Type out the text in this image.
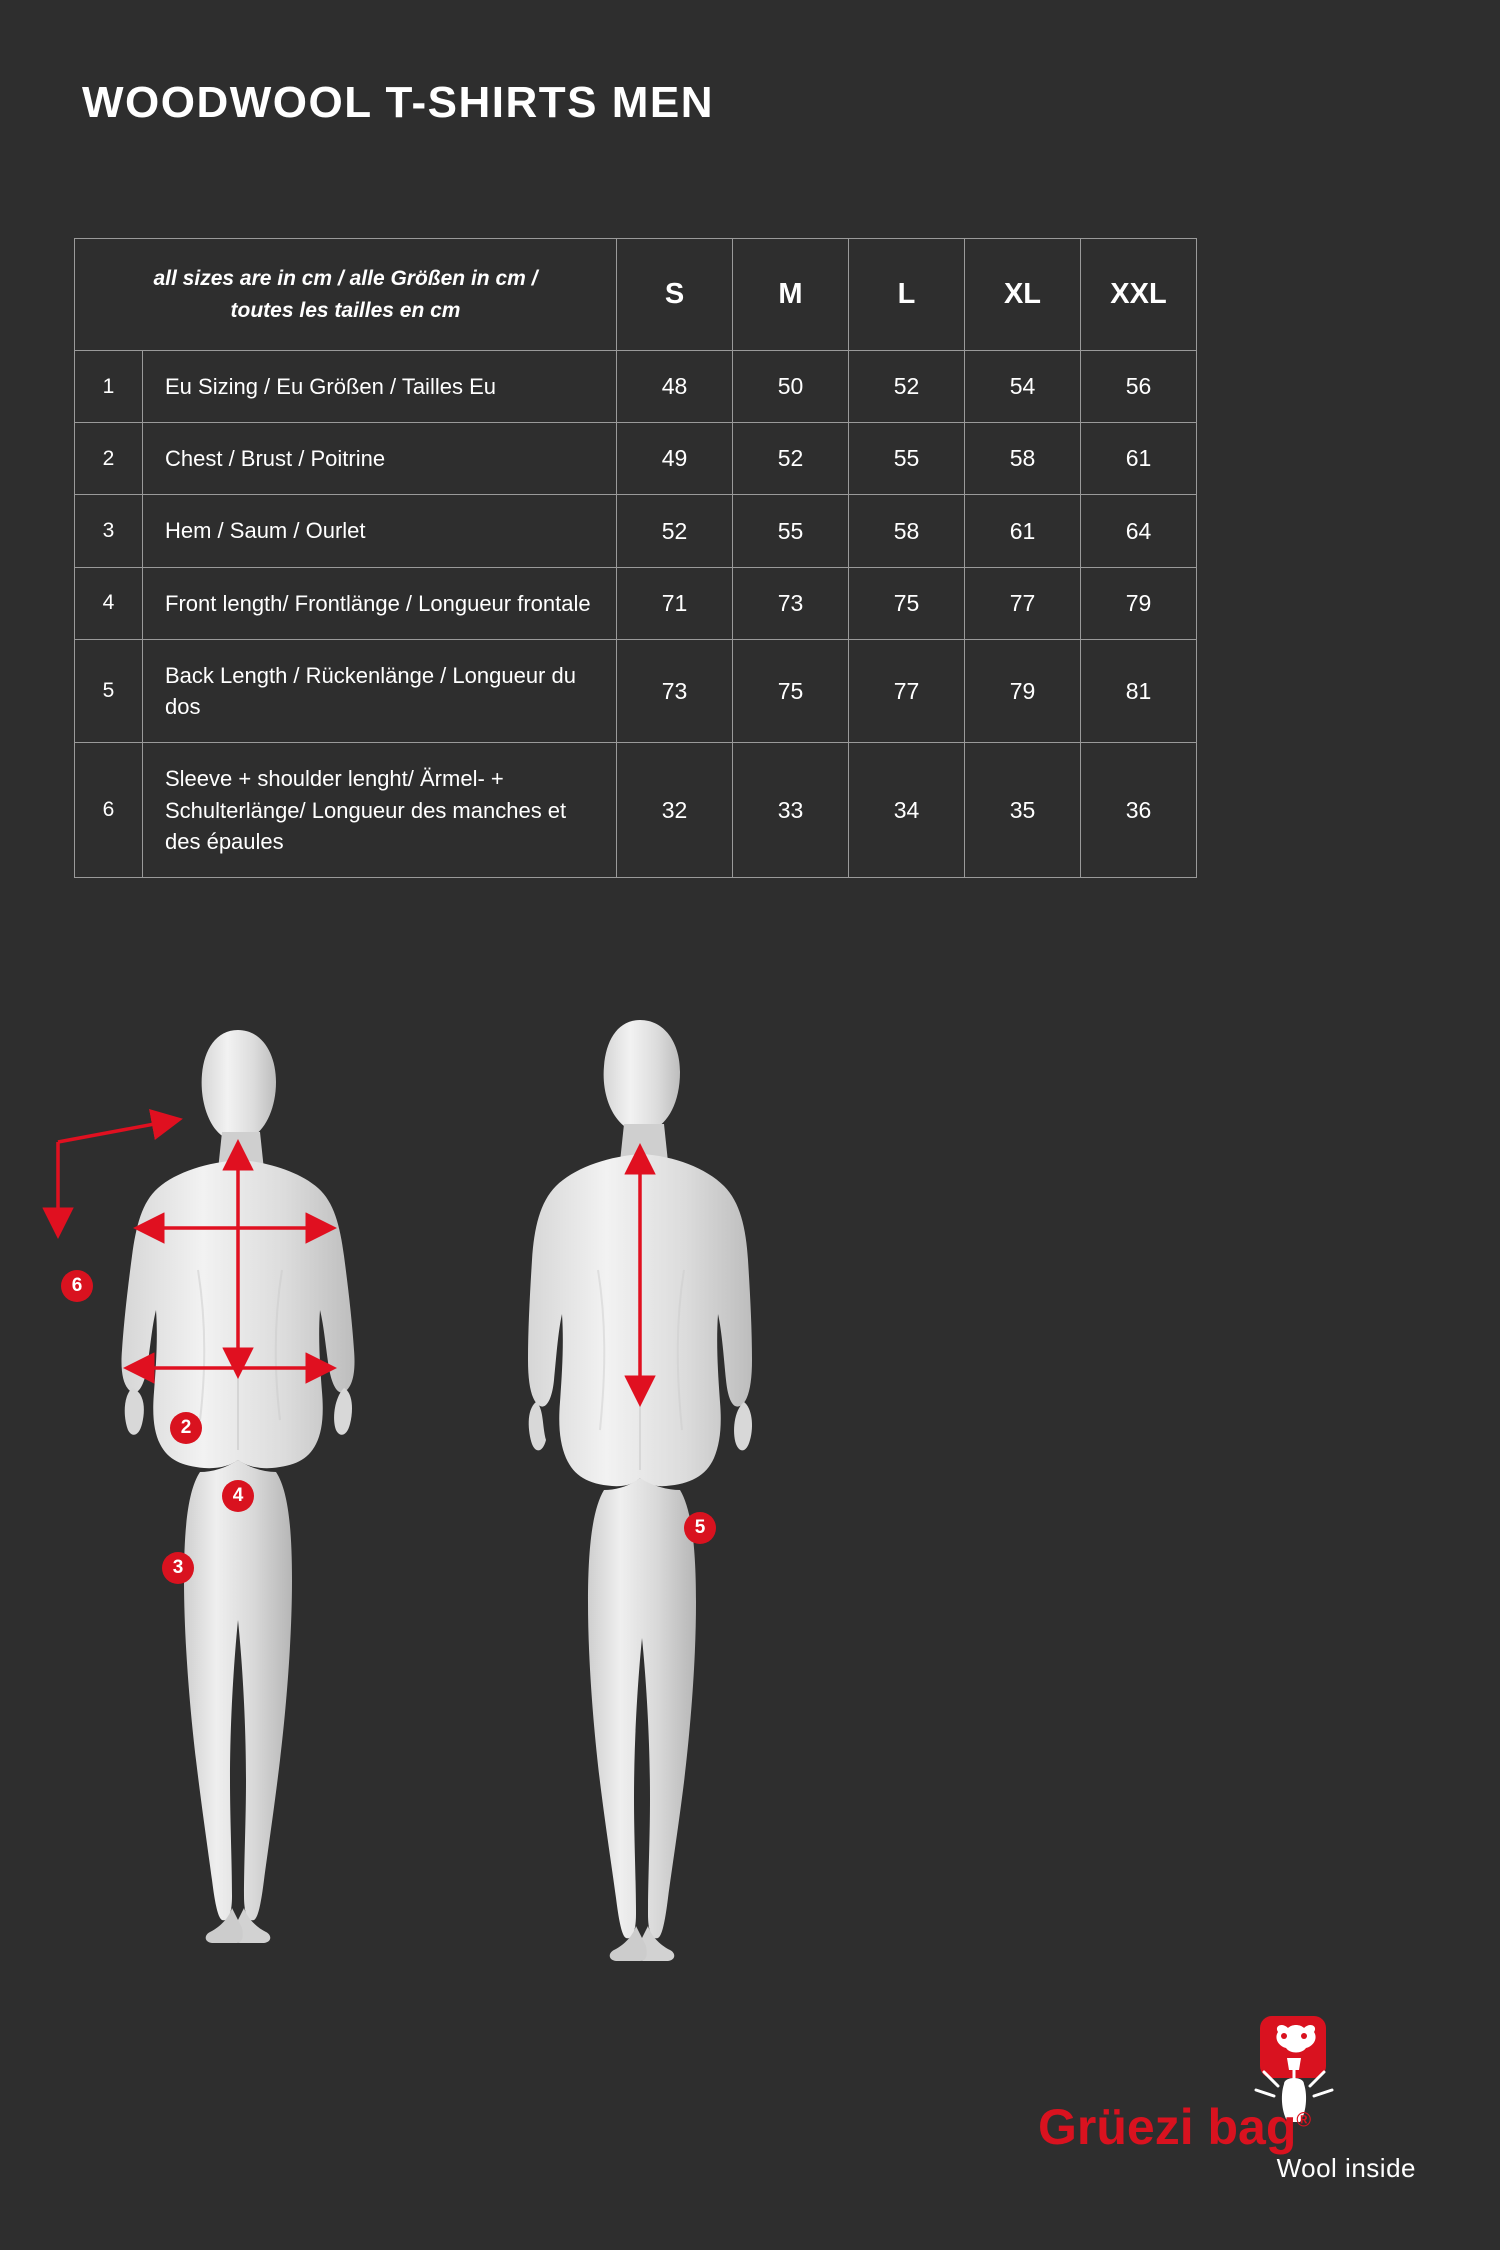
WOODWOOL T-SHIRTS MEN
all sizes are in cm / alle Größen in cm /
toutes les tailles en cm		S	M	L	XL	XXL
1	Eu Sizing / Eu Größen / Tailles Eu	48	50	52	54	56
2	Chest / Brust / Poitrine	49	52	55	58	61
3	Hem / Saum / Ourlet	52	55	58	61	64
4	Front length/ Frontlänge / Longueur frontale	71	73	75	77	79
5	Back Length / Rückenlänge / Longueur du dos	73	75	77	79	81
6	Sleeve + shoulder lenght/ Ärmel- + Schulterlänge/ Longueur des manches et des épaules	32	33	34	35	36
6
2
4
3
5
Grüezi bag®
Wool inside
